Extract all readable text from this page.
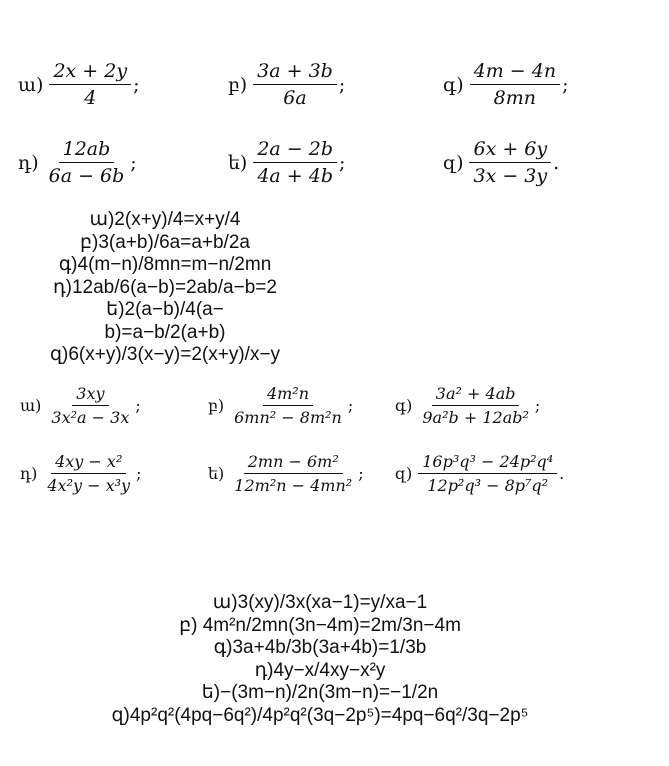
ա) $\frac{2x + 2y}{4}$ ;	բ) $\frac{3a + 3b}{6a}$ ;	գ) $\frac{4m - 4n}{8mn}$ ;
դ) $\frac{12ab}{6a - 6b}$ ;	ե) $\frac{2a - 2b}{4a + 4b}$ ;	զ) $\frac{6x + 6y}{3x - 3y}$ .
ա)2(x+y)/4=x+y/4
բ)3(a+b)/6a=a+b/2a
գ)4(m−n)/8mn=m−n/2mn
դ)12ab/6(a−b)=2ab/a−b=2
ե)2(a−b)/4(a−
b)=a−b/2(a+b)
զ)6(x+y)/3(x−y)=2(x+y)/x−y
ա) $\frac{3xy}{\text{3x²a − 3x}}$ ;	բ) $\frac{\text{4m²n}}{\text{6mn² − 8m²n}}$ ;	գ) $\frac{\text{3a² + 4ab}}{\text{9a²b + 12ab²}}$ ;
դ) $\frac{\text{4xy − x²}}{\text{4x²y − x³y}}$ ;	ե) $\frac{\text{2mn − 6m²}}{\text{12m²n − 4mn²}}$ ; զ) $\frac{\text{16p³q³ − 24p²q⁴}}{\text{12p²q³ − 8p⁷q²}}$ .
ա)3(xy)/3x(xa−1)=y/xa−1
բ) 4m²n/2mn(3n−4m)=2m/3n−4m
գ)3a+4b/3b(3a+4b)=1/3b
դ)4y−x/4xy−x²y
ե)−(3m−n)/2n(3m−n)=−1/2n
զ)4p²q²(4pq−6q²)/4p²q²(3q−2p⁵)=4pq−6q²/3q−2p⁵
